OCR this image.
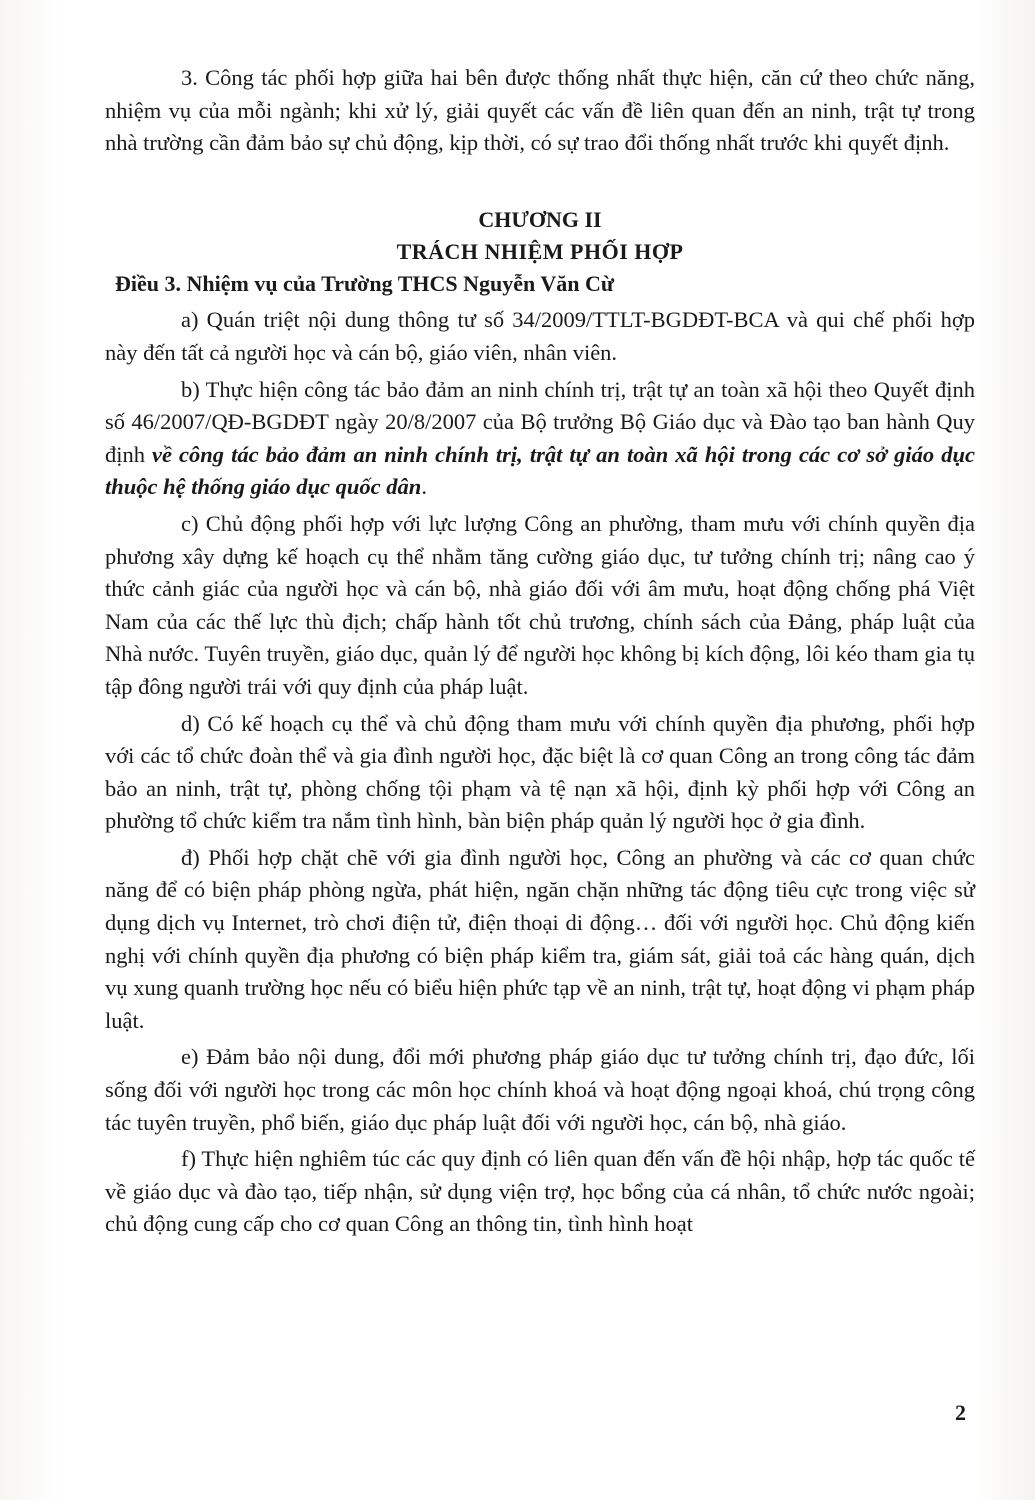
3. Công tác phối hợp giữa hai bên được thống nhất thực hiện, căn cứ theo chức năng, nhiệm vụ của mỗi ngành; khi xử lý, giải quyết các vấn đề liên quan đến an ninh, trật tự trong nhà trường cần đảm bảo sự chủ động, kịp thời, có sự trao đổi thống nhất trước khi quyết định.

CHƯƠNG II

TRÁCH NHIỆM PHỐI HỢP

Điều 3. Nhiệm vụ của Trường THCS Nguyễn Văn Cừ

a) Quán triệt nội dung thông tư số 34/2009/TTLT-BGDĐT-BCA và qui chế phối hợp này đến tất cả người học và cán bộ, giáo viên, nhân viên.

b) Thực hiện công tác bảo đảm an ninh chính trị, trật tự an toàn xã hội theo Quyết định số 46/2007/QĐ-BGDĐT ngày 20/8/2007 của Bộ trưởng Bộ Giáo dục và Đào tạo ban hành Quy định về công tác bảo đảm an ninh chính trị, trật tự an toàn xã hội trong các cơ sở giáo dục thuộc hệ thống giáo dục quốc dân.

c) Chủ động phối hợp với lực lượng Công an phường, tham mưu với chính quyền địa phương xây dựng kế hoạch cụ thể nhằm tăng cường giáo dục, tư tưởng chính trị; nâng cao ý thức cảnh giác của người học và cán bộ, nhà giáo đối với âm mưu, hoạt động chống phá Việt Nam của các thế lực thù địch; chấp hành tốt chủ trương, chính sách của Đảng, pháp luật của Nhà nước. Tuyên truyền, giáo dục, quản lý để người học không bị kích động, lôi kéo tham gia tụ tập đông người trái với quy định của pháp luật.

d) Có kế hoạch cụ thể và chủ động tham mưu với chính quyền địa phương, phối hợp với các tổ chức đoàn thể và gia đình người học, đặc biệt là cơ quan Công an trong công tác đảm bảo an ninh, trật tự, phòng chống tội phạm và tệ nạn xã hội, định kỳ phối hợp với Công an phường tổ chức kiểm tra nắm tình hình, bàn biện pháp quản lý người học ở gia đình.

đ) Phối hợp chặt chẽ với gia đình người học, Công an phường và các cơ quan chức năng để có biện pháp phòng ngừa, phát hiện, ngăn chặn những tác động tiêu cực trong việc sử dụng dịch vụ Internet, trò chơi điện tử, điện thoại di động… đối với người học. Chủ động kiến nghị với chính quyền địa phương có biện pháp kiểm tra, giám sát, giải toả các hàng quán, dịch vụ xung quanh trường học nếu có biểu hiện phức tạp về an ninh, trật tự, hoạt động vi phạm pháp luật.

e) Đảm bảo nội dung, đổi mới phương pháp giáo dục tư tưởng chính trị, đạo đức, lối sống đối với người học trong các môn học chính khoá và hoạt động ngoại khoá, chú trọng công tác tuyên truyền, phổ biến, giáo dục pháp luật đối với người học, cán bộ, nhà giáo.

f) Thực hiện nghiêm túc các quy định có liên quan đến vấn đề hội nhập, hợp tác quốc tế về giáo dục và đào tạo, tiếp nhận, sử dụng viện trợ, học bổng của cá nhân, tổ chức nước ngoài; chủ động cung cấp cho cơ quan Công an thông tin, tình hình hoạt

2
